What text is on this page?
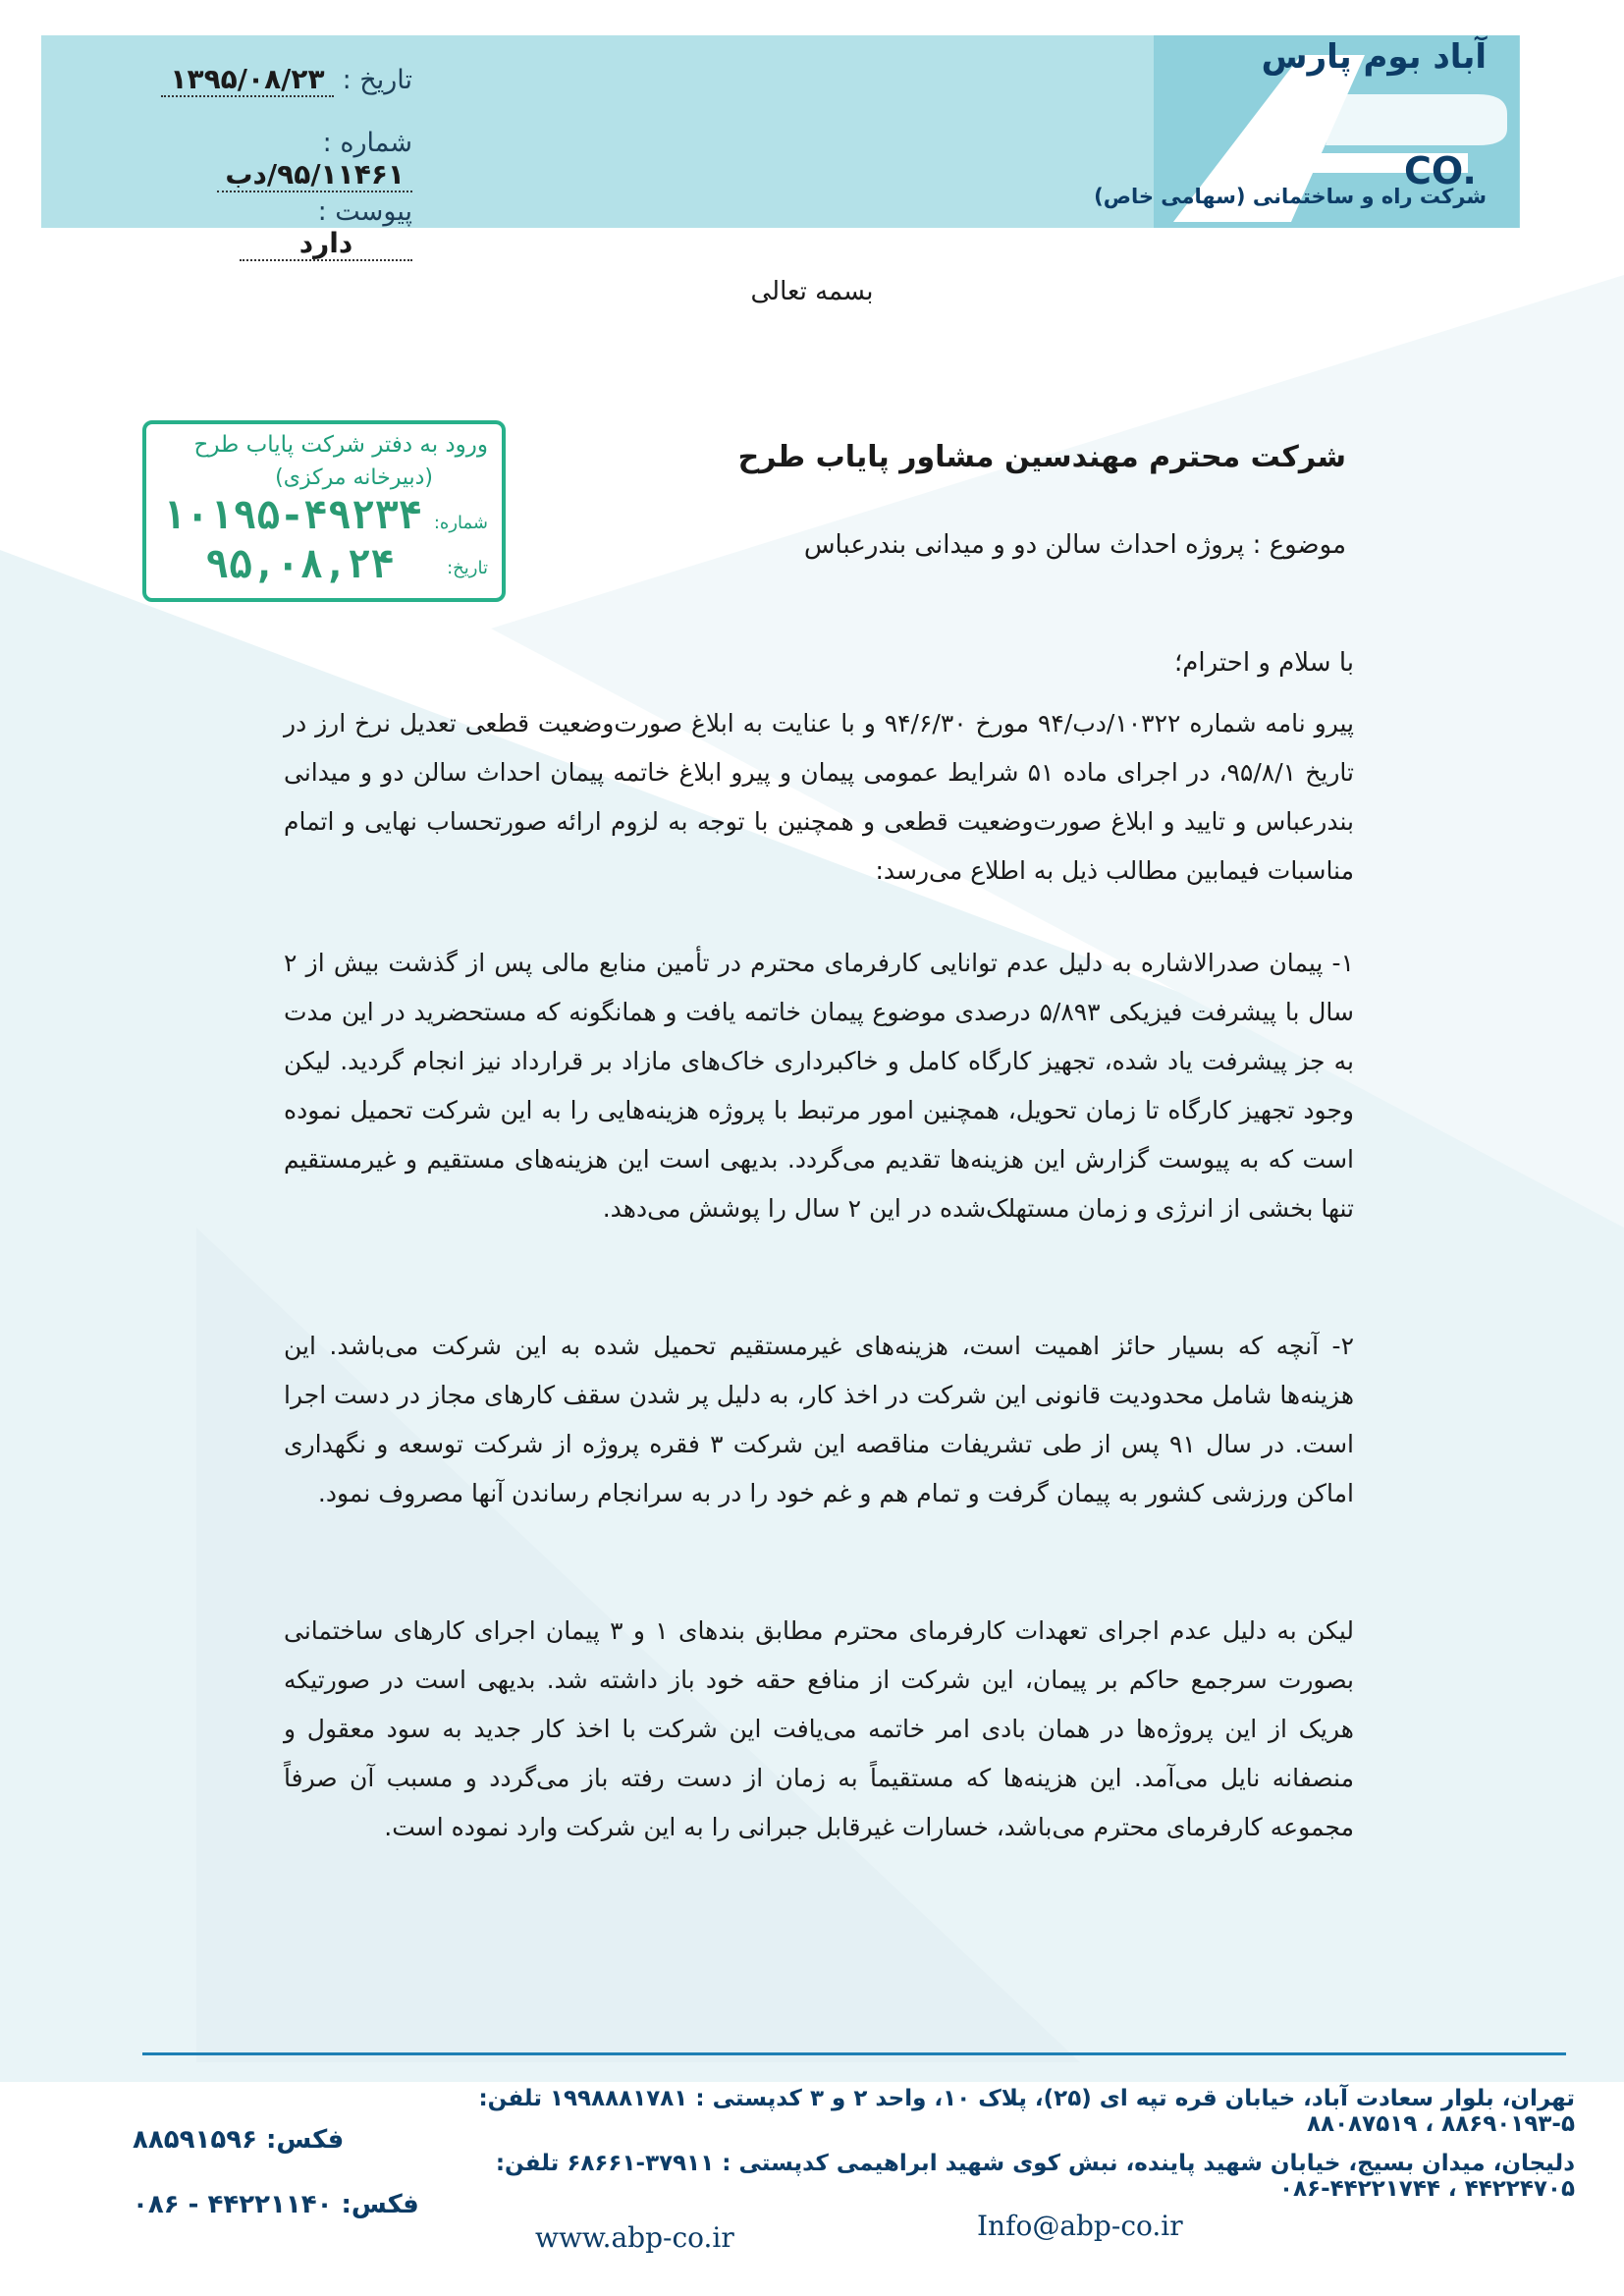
تاریخ : ۱۳۹۵/۰۸/۲۳
شماره : ۹۵/۱۱۴۶۱/دب
پیوست : دارد
آباد بوم پارس
CO.
شرکت راه و ساختمانی (سهامی خاص)
بسمه تعالی
ورود به دفتر شرکت پایاب طرح
(دبیرخانه مرکزی)
شماره:
۱۰۱۹۵-۴۹۲۳۴
تاریخ:
۹۵,۰۸,۲۴
شرکت محترم مهندسین مشاور پایاب طرح
موضوع : پروژه احداث سالن دو و میدانی بندرعباس
با سلام و احترام؛
پیرو نامه شماره ۱۰۳۲۲/دب/۹۴ مورخ ۹۴/۶/۳۰ و با عنایت به ابلاغ صورت‌وضعیت قطعی تعدیل نرخ ارز در تاریخ ۹۵/۸/۱، در اجرای ماده ۵۱ شرایط عمومی پیمان و پیرو ابلاغ خاتمه پیمان احداث سالن دو و میدانی بندرعباس و تایید و ابلاغ صورت‌وضعیت قطعی و همچنین با توجه به لزوم ارائه صورتحساب نهایی و اتمام مناسبات فیمابین مطالب ذیل به اطلاع می‌رسد:
۱- پیمان صدرالاشاره به دلیل عدم توانایی کارفرمای محترم در تأمین منابع مالی پس از گذشت بیش از ۲ سال با پیشرفت فیزیکی ۵/۸۹۳ درصدی موضوع پیمان خاتمه یافت و همانگونه که مستحضرید در این مدت به جز پیشرفت یاد شده، تجهیز کارگاه کامل و خاکبرداری خاک‌های مازاد بر قرارداد نیز انجام گردید. لیکن وجود تجهیز کارگاه تا زمان تحویل، همچنین امور مرتبط با پروژه هزینه‌هایی را به این شرکت تحمیل نموده است که به پیوست گزارش این هزینه‌ها تقدیم می‌گردد. بدیهی است این هزینه‌های مستقیم و غیرمستقیم تنها بخشی از انرژی و زمان مستهلک‌شده در این ۲ سال را پوشش می‌دهد.
۲- آنچه که بسیار حائز اهمیت است، هزینه‌های غیرمستقیم تحمیل شده به این شرکت می‌باشد. این هزینه‌ها شامل محدودیت قانونی این شرکت در اخذ کار، به دلیل پر شدن سقف کارهای مجاز در دست اجرا است. در سال ۹۱ پس از طی تشریفات مناقصه این شرکت ۳ فقره پروژه از شرکت توسعه و نگهداری اماکن ورزشی کشور به پیمان گرفت و تمام هم و غم خود را در به سرانجام رساندن آنها مصروف نمود.
لیکن به دلیل عدم اجرای تعهدات کارفرمای محترم مطابق بندهای ۱ و ۳ پیمان اجرای کارهای ساختمانی بصورت سرجمع حاکم بر پیمان، این شرکت از منافع حقه خود باز داشته شد. بدیهی است در صورتیکه هریک از این پروژه‌ها در همان بادی امر خاتمه می‌یافت این شرکت با اخذ کار جدید به سود معقول و منصفانه نایل می‌آمد. این هزینه‌ها که مستقیماً به زمان از دست رفته باز می‌گردد و مسبب آن صرفاً مجموعه کارفرمای محترم می‌باشد، خسارات غیرقابل جبرانی را به این شرکت وارد نموده است.
تهران، بلوار سعادت آباد، خیابان قره تپه ای (۲۵)، پلاک ۱۰، واحد ۲ و ۳ کدپستی : ۱۹۹۸۸۸۱۷۸۱ تلفن: ۵-۸۸۶۹۰۱۹۳ ، ۸۸۰۸۷۵۱۹
فکس: ۸۸۵۹۱۵۹۶
دلیجان، میدان بسیج، خیابان شهید پاینده، نبش کوی شهید ابراهیمی کدپستی : ۳۷۹۱۱-۶۸۶۶۱ تلفن: ۴۴۲۲۴۷۰۵ ، ۴۴۲۲۱۷۴۴-۰۸۶
فکس: ۴۴۲۲۱۱۴۰ - ۰۸۶
www.abp-co.ir	Info@abp-co.ir
